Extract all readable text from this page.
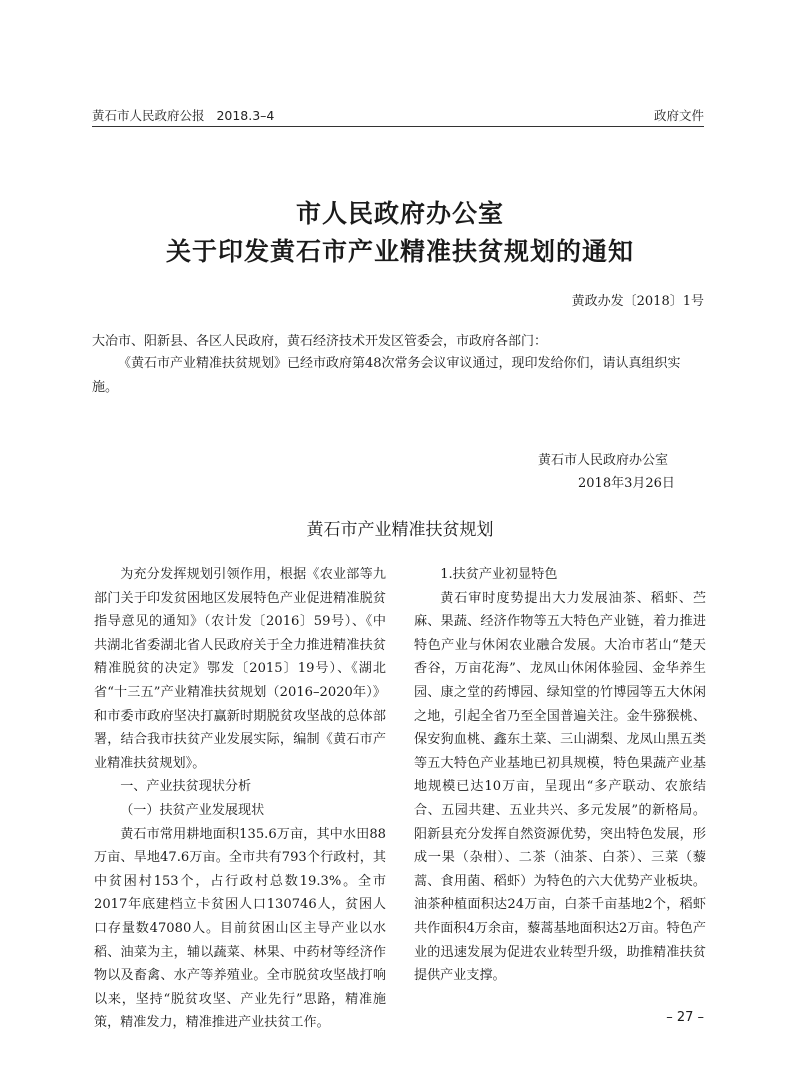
黄石市人民政府公报 2018.3–4	政府文件
市人民政府办公室
关于印发黄石市产业精准扶贫规划的通知
黄政办发〔2018〕1号
大冶市、阳新县、各区人民政府，黄石经济技术开发区管委会，市政府各部门：
《黄石市产业精准扶贫规划》已经市政府第48次常务会议审议通过，现印发给你们，请认真组织实施。
黄石市人民政府办公室
2018年3月26日
黄石市产业精准扶贫规划

为充分发挥规划引领作用，根据《农业部等九部门关于印发贫困地区发展特色产业促进精准脱贫指导意见的通知》（农计发〔2016〕59号）、《中共湖北省委湖北省人民政府关于全力推进精准扶贫精准脱贫的决定》鄂发〔2015〕19号）、《湖北省“十三五”产业精准扶贫规划（2016–2020年）》和市委市政府坚决打赢新时期脱贫攻坚战的总体部署，结合我市扶贫产业发展实际，编制《黄石市产业精准扶贫规划》。

一、产业扶贫现状分析

（一）扶贫产业发展现状

黄石市常用耕地面积135.6万亩，其中水田88万亩、旱地47.6万亩。全市共有793个行政村，其中贫困村153个，占行政村总数19.3%。全市2017年底建档立卡贫困人口130746人，贫困人口存量数47080人。目前贫困山区主导产业以水稻、油菜为主，辅以蔬菜、林果、中药材等经济作物以及畜禽、水产等养殖业。全市脱贫攻坚战打响以来，坚持“脱贫攻坚、产业先行”思路，精准施策，精准发力，精准推进产业扶贫工作。

1.扶贫产业初显特色

黄石审时度势提出大力发展油茶、稻虾、苎麻、果蔬、经济作物等五大特色产业链，着力推进特色产业与休闲农业融合发展。大冶市茗山“楚天香谷，万亩花海”、龙凤山休闲体验园、金华养生园、康之堂的药博园、绿知堂的竹博园等五大休闲之地，引起全省乃至全国普遍关注。金牛猕猴桃、保安狗血桃、鑫东土菜、三山湖梨、龙凤山黑五类等五大特色产业基地已初具规模，特色果蔬产业基地规模已达10万亩，呈现出“多产联动、农旅结合、五园共建、五业共兴、多元发展”的新格局。阳新县充分发挥自然资源优势，突出特色发展，形成一果（杂柑）、二茶（油茶、白茶）、三菜（藜蒿、食用菌、稻虾）为特色的六大优势产业板块。油茶种植面积达24万亩，白茶千亩基地2个，稻虾共作面积4万余亩，藜蒿基地面积达2万亩。特色产业的迅速发展为促进农业转型升级，助推精准扶贫提供产业支撑。

– 27 –
